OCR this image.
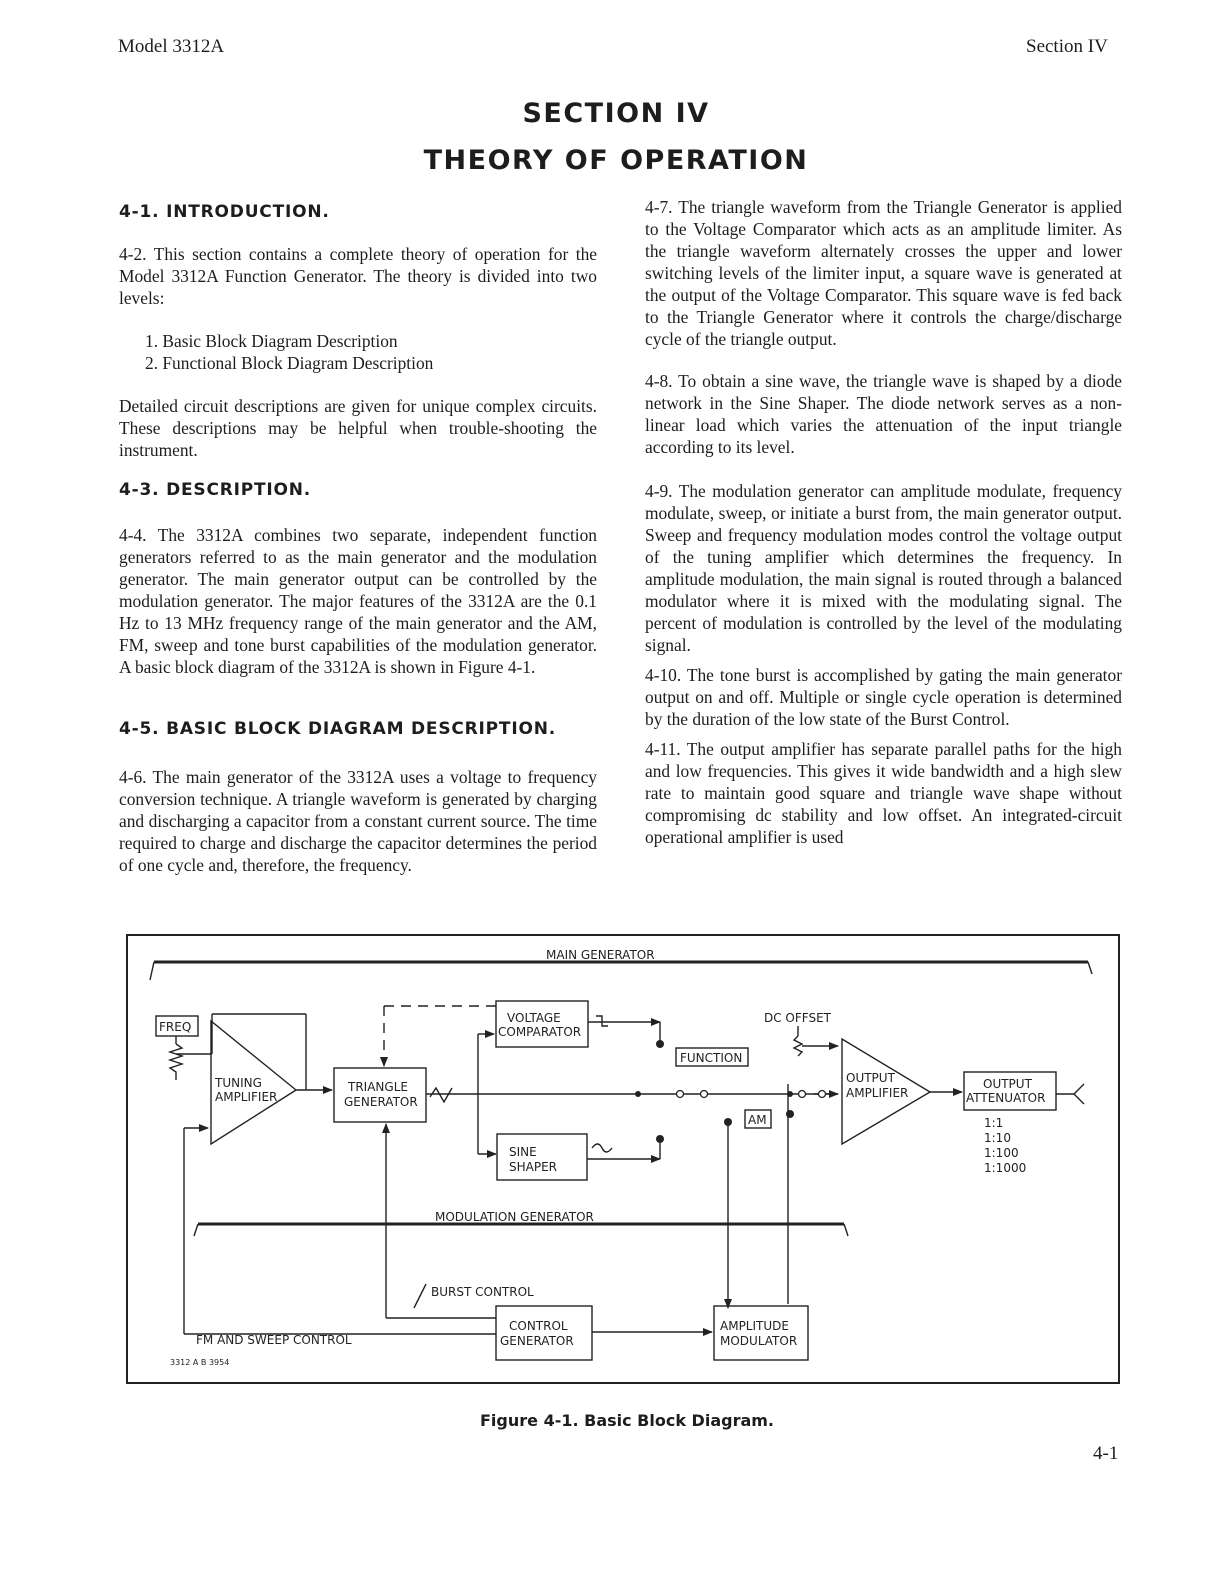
Model 3312A	Section IV
SECTION IV
THEORY OF OPERATION
4-1. INTRODUCTION.

4-2. This section contains a complete theory of operation for the Model 3312A Function Generator. The theory is divided into two levels:

1. Basic Block Diagram Description
2. Functional Block Diagram Description

Detailed circuit descriptions are given for unique complex circuits. These descriptions may be helpful when trouble-shooting the instrument.

4-3. DESCRIPTION.

4-4. The 3312A combines two separate, independent function generators referred to as the main generator and the modulation generator. The main generator output can be controlled by the modulation generator. The major features of the 3312A are the 0.1 Hz to 13 MHz frequency range of the main generator and the AM, FM, sweep and tone burst capabilities of the modulation generator. A basic block diagram of the 3312A is shown in Figure 4-1.

4-5. BASIC BLOCK DIAGRAM DESCRIPTION.

4-6. The main generator of the 3312A uses a voltage to frequency conversion technique. A triangle waveform is generated by charging and discharging a capacitor from a constant current source. The time required to charge and discharge the capacitor determines the period of one cycle and, therefore, the frequency.

4-7. The triangle waveform from the Triangle Generator is applied to the Voltage Comparator which acts as an amplitude limiter. As the triangle waveform alternately crosses the upper and lower switching levels of the limiter input, a square wave is generated at the output of the Voltage Comparator. This square wave is fed back to the Triangle Generator where it controls the charge/discharge cycle of the triangle output.

4-8. To obtain a sine wave, the triangle wave is shaped by a diode network in the Sine Shaper. The diode network serves as a non-linear load which varies the attenuation of the input triangle according to its level.

4-9. The modulation generator can amplitude modulate, frequency modulate, sweep, or initiate a burst from, the main generator output. Sweep and frequency modulation modes control the voltage output of the tuning amplifier which determines the frequency. In amplitude modulation, the main signal is routed through a balanced modulator where it is mixed with the modulating signal. The percent of modulation is controlled by the level of the modulating signal.

4-10. The tone burst is accomplished by gating the main generator output on and off. Multiple or single cycle operation is determined by the duration of the low state of the Burst Control.

4-11. The output amplifier has separate parallel paths for the high and low frequencies. This gives it wide bandwidth and a high slew rate to maintain good square and triangle wave shape without compromising dc stability and low offset. An integrated-circuit operational amplifier is used

MAIN GENERATOR
FREQ
TUNING
AMPLIFIER
TRIANGLE
GENERATOR
VOLTAGE
COMPARATOR
SINE
SHAPER
FUNCTION
DC OFFSET
AM
OUTPUT
AMPLIFIER
OUTPUT
ATTENUATOR
1:1
1:10
1:100
1:1000
MODULATION GENERATOR
BURST CONTROL
CONTROL
GENERATOR
AMPLITUDE
MODULATOR
FM AND SWEEP CONTROL
3312 A B 3954
Figure 4-1. Basic Block Diagram.
4-1
